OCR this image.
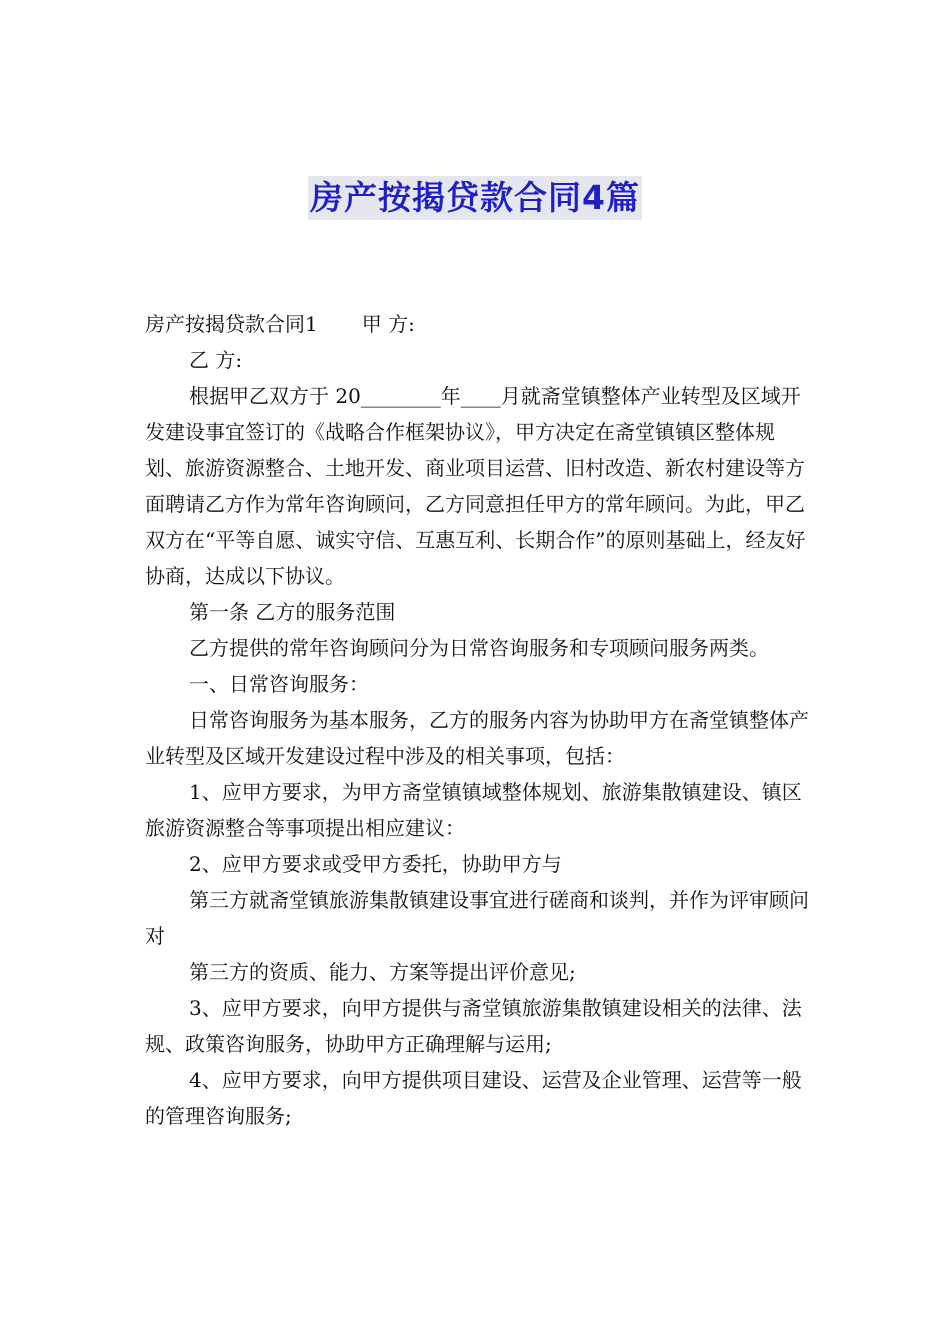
房产按揭贷款合同4篇

房产按揭贷款合同1 甲 方:

乙 方:

根据甲乙双方于 20________年____月就斋堂镇整体产业转型及区域开发建设事宜签订的《战略合作框架协议》，甲方决定在斋堂镇镇区整体规划、旅游资源整合、土地开发、商业项目运营、旧村改造、新农村建设等方面聘请乙方作为常年咨询顾问，乙方同意担任甲方的常年顾问。为此，甲乙双方在“平等自愿、诚实守信、互惠互利、长期合作”的原则基础上，经友好协商，达成以下协议。

第一条 乙方的服务范围

乙方提供的常年咨询顾问分为日常咨询服务和专项顾问服务两类。

一、日常咨询服务：

日常咨询服务为基本服务，乙方的服务内容为协助甲方在斋堂镇整体产业转型及区域开发建设过程中涉及的相关事项，包括：

1、应甲方要求，为甲方斋堂镇镇域整体规划、旅游集散镇建设、镇区旅游资源整合等事项提出相应建议：

2、应甲方要求或受甲方委托，协助甲方与

第三方就斋堂镇旅游集散镇建设事宜进行磋商和谈判，并作为评审顾问对

第三方的资质、能力、方案等提出评价意见;

3、应甲方要求，向甲方提供与斋堂镇旅游集散镇建设相关的法律、法规、政策咨询服务，协助甲方正确理解与运用;

4、应甲方要求，向甲方提供项目建设、运营及企业管理、运营等一般的管理咨询服务;
